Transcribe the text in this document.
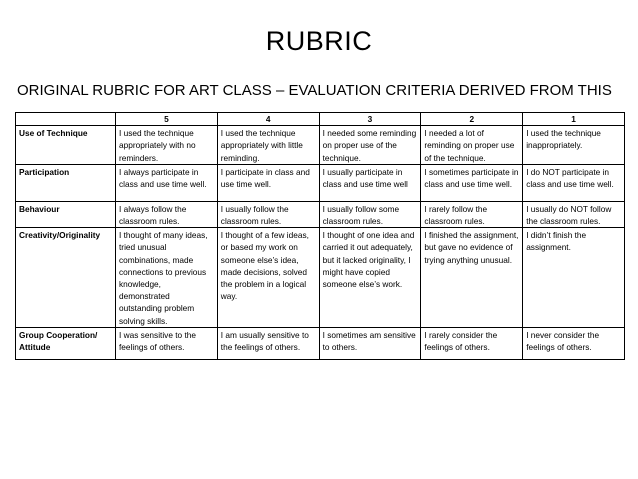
RUBRIC
ORIGINAL RUBRIC FOR ART CLASS – EVALUATION CRITERIA DERIVED FROM THIS
	5	4	3	2	1
Use of Technique	I used the technique appropriately with no reminders.	I used the technique appropriately with little reminding.	I needed some reminding on proper use of the technique.	I needed a lot of reminding on proper use of the technique.	I used the technique inappropriately.
Participation	I always participate in class and use time well.	I participate in class and use time well.	I usually participate in class and use time well	I sometimes participate in class and use time well.	I do NOT participate in class and use time well.
Behaviour	I always follow the classroom rules.	I usually follow the classroom rules.	I usually follow some classroom rules.	I rarely follow the classroom rules.	I usually do NOT follow the classroom rules.
Creativity/Originality	I thought of many ideas, tried unusual combinations, made connections to previous knowledge, demonstrated outstanding problem solving skills.	I thought of a few ideas, or based my work on someone else’s idea, made decisions, solved the problem in a logical way.	I thought of one idea and carried it out adequately, but it lacked originality, I might have copied someone else’s work.	I finished the assignment, but gave no evidence of trying anything unusual.	I didn’t finish the assignment.
Group Cooperation/ Attitude	I was sensitive to the feelings of others.	I am usually sensitive to the feelings of others.	I sometimes am sensitive to others.	I rarely consider the feelings of others.	I never consider the feelings of others.
